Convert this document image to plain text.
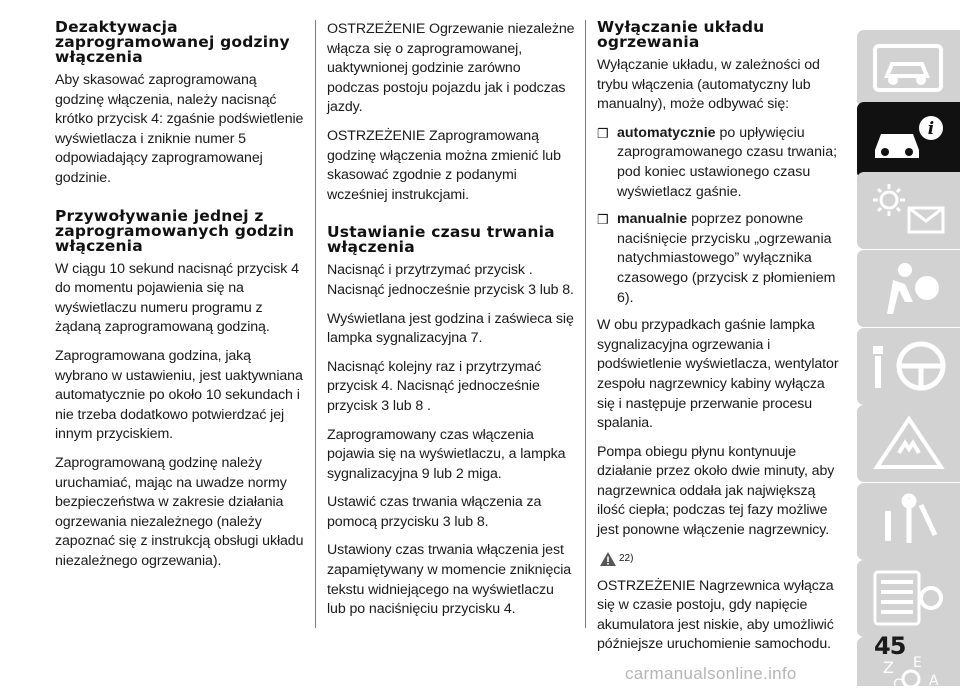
Dezaktywacja zaprogramowanej godziny włączenia

Aby skasować zaprogramowaną godzinę włączenia, należy nacisnąć krótko przycisk 4: zgaśnie podświetlenie wyświetlacza i zniknie numer 5 odpowiadający zaprogramowanej godzinie.

Przywoływanie jednej z zaprogramowanych godzin włączenia

W ciągu 10 sekund nacisnąć przycisk 4 do momentu pojawienia się na wyświetlaczu numeru programu z żądaną zaprogramowaną godziną.

Zaprogramowana godzina, jaką wybrano w ustawieniu, jest uaktywniana automatycznie po około 10 sekundach i nie trzeba dodatkowo potwierdzać jej innym przyciskiem.

Zaprogramowaną godzinę należy uruchamiać, mając na uwadze normy bezpieczeństwa w zakresie działania ogrzewania niezależnego (należy zapoznać się z instrukcją obsługi układu niezależnego ogrzewania).

OSTRZEŻENIE Ogrzewanie niezależne włącza się o zaprogramowanej, uaktywnionej godzinie zarówno podczas postoju pojazdu jak i podczas jazdy.

OSTRZEŻENIE Zaprogramowaną godzinę włączenia można zmienić lub skasować zgodnie z podanymi wcześniej instrukcjami.

Ustawianie czasu trwania włączenia

Nacisnąć i przytrzymać przycisk . Nacisnąć jednocześnie przycisk 3 lub 8.

Wyświetlana jest godzina i zaświeca się lampka sygnalizacyjna 7.

Nacisnąć kolejny raz i przytrzymać przycisk 4. Nacisnąć jednocześnie przycisk 3 lub 8 .

Zaprogramowany czas włączenia pojawia się na wyświetlaczu, a lampka sygnalizacyjna 9 lub 2 miga.

Ustawić czas trwania włączenia za pomocą przycisku 3 lub 8.

Ustawiony czas trwania włączenia jest zapamiętywany w momencie zniknięcia tekstu widniejącego na wyświetlaczu lub po naciśnięciu przycisku 4.

Wyłączanie układu ogrzewania

Wyłączanie układu, w zależności od trybu włączenia (automatyczny lub manualny), może odbywać się:

❒ automatycznie po upływięciu zaprogramowanego czasu trwania; pod koniec ustawionego czasu wyświetlacz gaśnie.
❒ manualnie poprzez ponowne naciśnięcie przycisku „ogrzewania natychmiastowego” wyłącznika czasowego (przycisk z płomieniem 6).

W obu przypadkach gaśnie lampka sygnalizacyjna ogrzewania i podświetlenie wyświetlacza, wentylator zespołu nagrzewnicy kabiny wyłącza się i następuje przerwanie procesu spalania.

Pompa obiegu płynu kontynuuje działanie przez około dwie minuty, aby nagrzewnica oddała jak największą ilość ciepła; podczas tej fazy możliwe jest ponowne włączenie nagrzewnicy.

22)

OSTRZEŻENIE Nagrzewnica wyłącza się w czasie postoju, gdy napięcie akumulatora jest niskie, aby umożliwić późniejsze uruchomienie samochodu.

i
Z E
C A
45
carmanualsonline.info
